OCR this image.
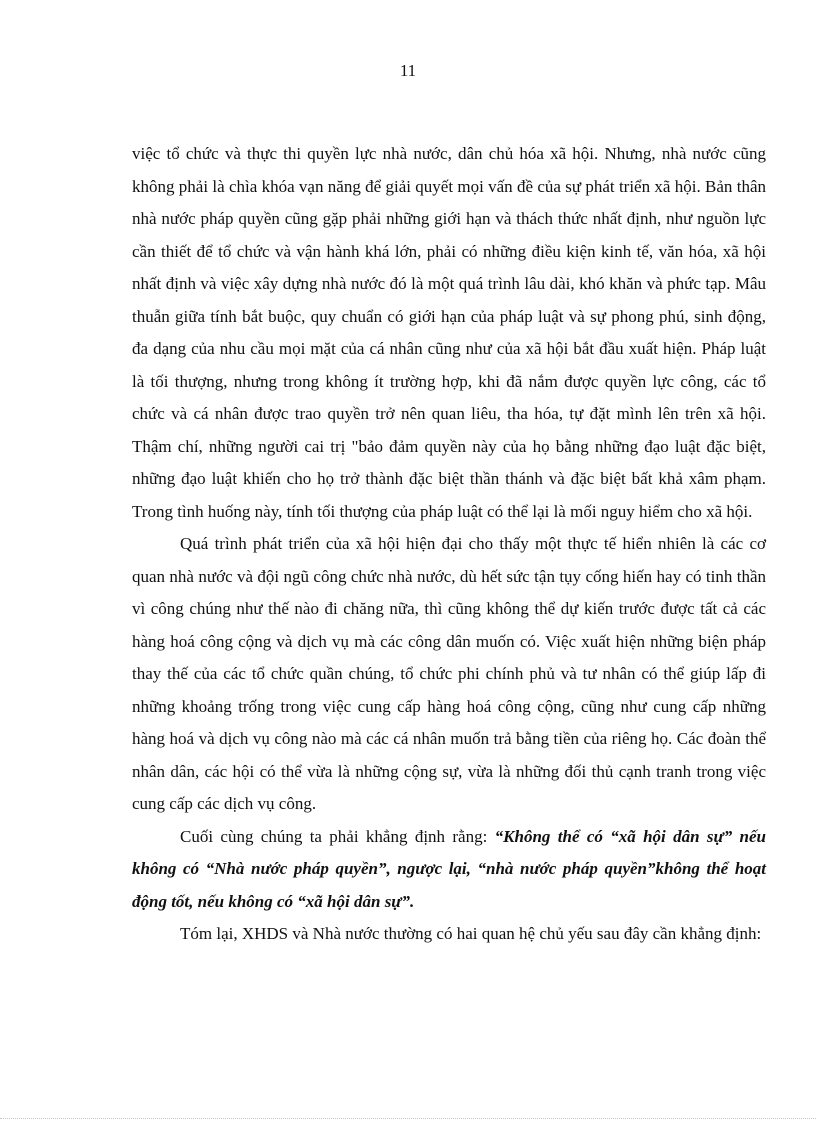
11

việc tổ chức và thực thi quyền lực nhà nước, dân chủ hóa xã hội. Nhưng, nhà nước cũng không phải là chìa khóa vạn năng để giải quyết mọi vấn đề của sự phát triển xã hội. Bản thân nhà nước pháp quyền cũng gặp phải những giới hạn và thách thức nhất định, như nguồn lực cần thiết để tổ chức và vận hành khá lớn, phải có những điều kiện kinh tế, văn hóa, xã hội nhất định và việc xây dựng nhà nước đó là một quá trình lâu dài, khó khăn và phức tạp. Mâu thuẫn giữa tính bắt buộc, quy chuẩn có giới hạn của pháp luật và sự phong phú, sinh động, đa dạng của nhu cầu mọi mặt của cá nhân cũng như của xã hội bắt đầu xuất hiện. Pháp luật là tối thượng, nhưng trong không ít trường hợp, khi đã nắm được quyền lực công, các tổ chức và cá nhân được trao quyền trở nên quan liêu, tha hóa, tự đặt mình lên trên xã hội. Thậm chí, những người cai trị "bảo đảm quyền này của họ bằng những đạo luật đặc biệt, những đạo luật khiến cho họ trở thành đặc biệt thần thánh và đặc biệt bất khả xâm phạm. Trong tình huống này, tính tối thượng của pháp luật có thể lại là mối nguy hiểm cho xã hội.

Quá trình phát triển của xã hội hiện đại cho thấy một thực tế hiển nhiên là các cơ quan nhà nước và đội ngũ công chức nhà nước, dù hết sức tận tụy cống hiến hay có tinh thần vì công chúng như thế nào đi chăng nữa, thì cũng không thể dự kiến trước được tất cả các hàng hoá công cộng và dịch vụ mà các công dân muốn có. Việc xuất hiện những biện pháp thay thế của các tổ chức quần chúng, tổ chức phi chính phủ và tư nhân có thể giúp lấp đi những khoảng trống trong việc cung cấp hàng hoá công cộng, cũng như cung cấp những hàng hoá và dịch vụ công nào mà các cá nhân muốn trả bằng tiền của riêng họ. Các đoàn thể nhân dân, các hội có thể vừa là những cộng sự, vừa là những đối thủ cạnh tranh trong việc cung cấp các dịch vụ công.

Cuối cùng chúng ta phải khẳng định rằng: “Không thể có “xã hội dân sự” nếu không có “Nhà nước pháp quyền”, ngược lại, “nhà nước pháp quyền”không thể hoạt động tốt, nếu không có “xã hội dân sự”.

Tóm lại, XHDS và Nhà nước thường có hai quan hệ chủ yếu sau đây cần khẳng định:
